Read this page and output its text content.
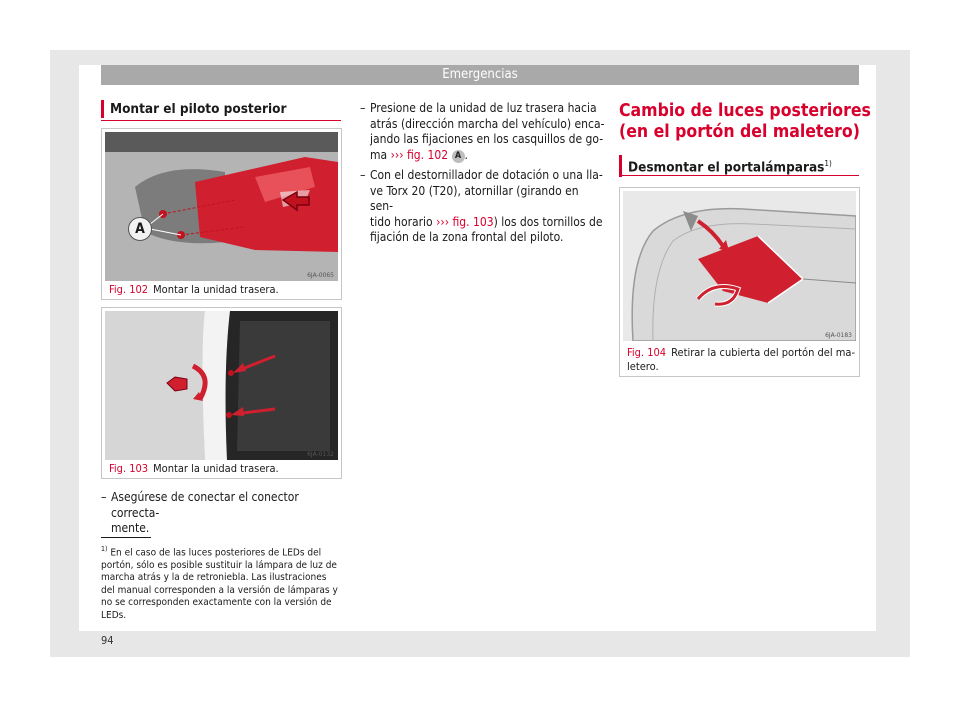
Emergencias
Montar el piloto posterior
A
6JA-0065
Fig. 102 Montar la unidad trasera.
6JA-0132
Fig. 103 Montar la unidad trasera.
– Asegúrese de conectar el conector correcta-
mente.
$^{1)}$ En el caso de las luces posteriores de LEDs del
portón, sólo es posible sustituir la lámpara de luz de
marcha atrás y la de retroniebla. Las ilustraciones
del manual corresponden a la versión de lámparas y
no se corresponden exactamente con la versión de
LEDs.
94
– Presione de la unidad de luz trasera hacia
atrás (dirección marcha del vehículo) enca-
jando las fijaciones en los casquillos de go-
ma ››› fig. 102 A .
– Con el destornillador de dotación o una lla-
ve Torx 20 (T20), atornillar (girando en sen-
tido horario ››› fig. 103) los dos tornillos de
fijación de la zona frontal del piloto.
Cambio de luces posteriores
(en el portón del maletero)
Desmontar el portalámparas$^{1)}$
6JA-0183
Fig. 104 Retirar la cubierta del portón del ma-
letero.
